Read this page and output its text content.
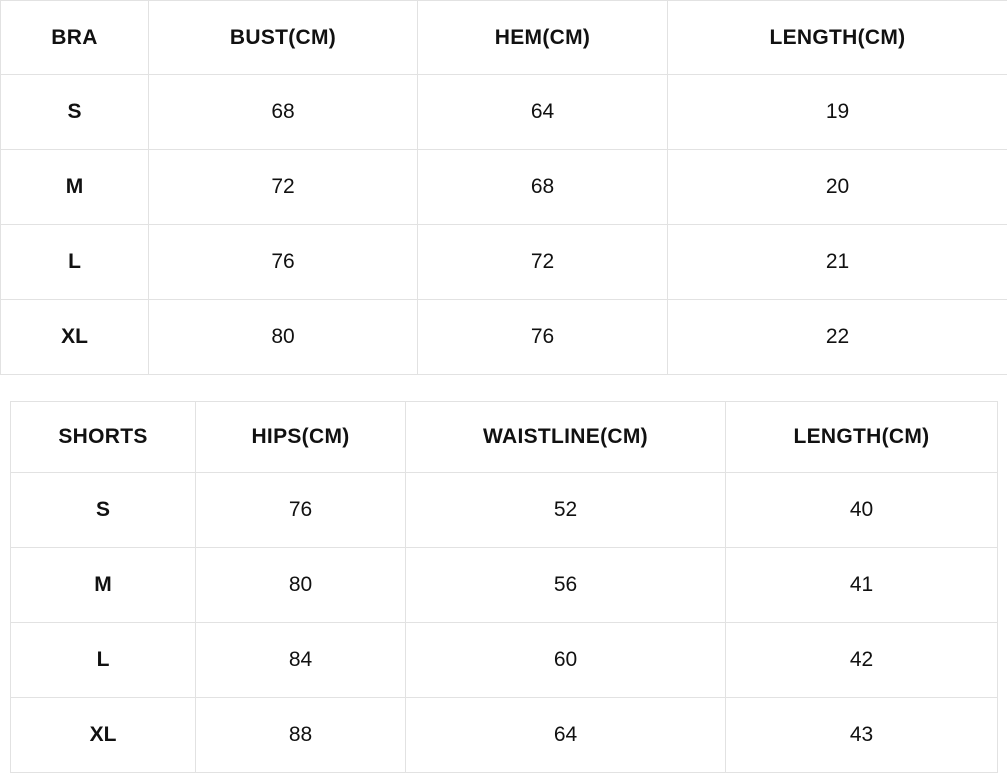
BRA	BUST(CM)	HEM(CM)	LENGTH(CM)
S	68	64	19
M	72	68	20
L	76	72	21
XL	80	76	22
SHORTS	HIPS(CM)	WAISTLINE(CM)	LENGTH(CM)
S	76	52	40
M	80	56	41
L	84	60	42
XL	88	64	43
